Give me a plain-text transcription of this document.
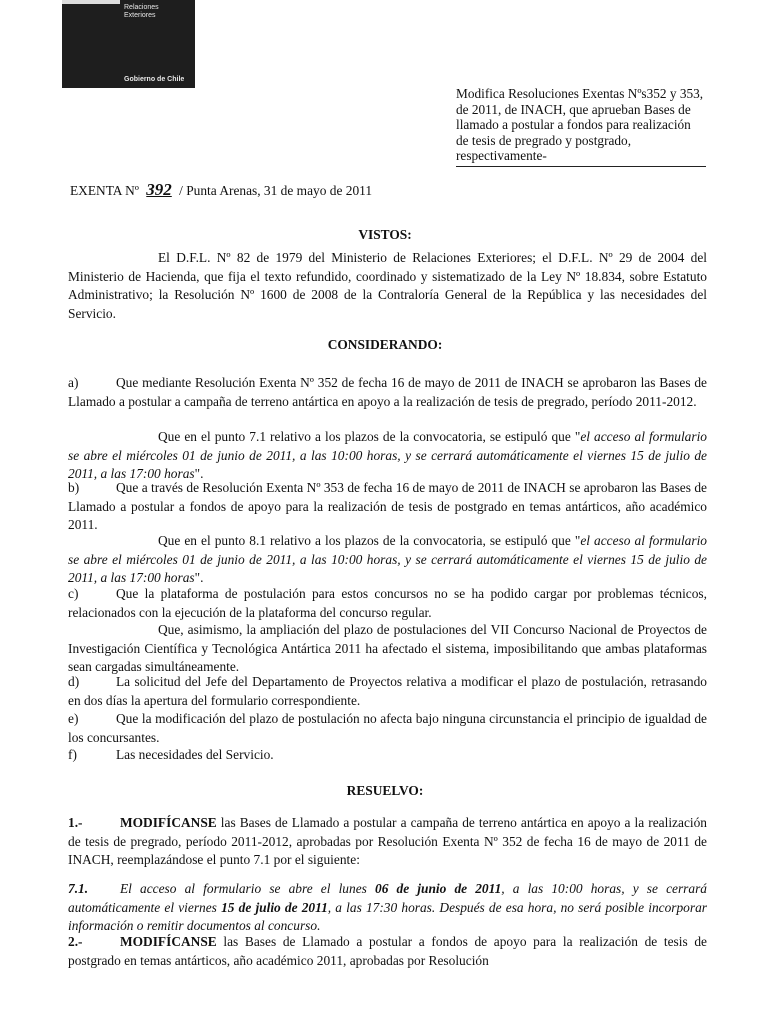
Relaciones
Exteriores
Gobierno de Chile
Modifica Resoluciones Exentas Nºs352 y 353, de 2011, de INACH, que aprueban Bases de llamado a postular a fondos para realización de tesis de pregrado y postgrado, respectivamente-
EXENTA Nº 392 / Punta Arenas, 31 de mayo de 2011
VISTOS:
El D.F.L. Nº 82 de 1979 del Ministerio de Relaciones Exteriores; el D.F.L. Nº 29 de 2004 del Ministerio de Hacienda, que fija el texto refundido, coordinado y sistematizado de la Ley Nº 18.834, sobre Estatuto Administrativo; la Resolución Nº 1600 de 2008 de la Contraloría General de la República y las necesidades del Servicio.
CONSIDERANDO:
a)	Que mediante Resolución Exenta Nº 352 de fecha 16 de mayo de 2011 de INACH se aprobaron las Bases de Llamado a postular a campaña de terreno antártica en apoyo a la realización de tesis de pregrado, período 2011-2012.
Que en el punto 7.1 relativo a los plazos de la convocatoria, se estipuló que "el acceso al formulario se abre el miércoles 01 de junio de 2011, a las 10:00 horas, y se cerrará automáticamente el viernes 15 de julio de 2011, a las 17:00 horas".
b)	Que a través de Resolución Exenta Nº 353 de fecha 16 de mayo de 2011 de INACH se aprobaron las Bases de Llamado a postular a fondos de apoyo para la realización de tesis de postgrado en temas antárticos, año académico 2011.
Que en el punto 8.1 relativo a los plazos de la convocatoria, se estipuló que "el acceso al formulario se abre el miércoles 01 de junio de 2011, a las 10:00 horas, y se cerrará automáticamente el viernes 15 de julio de 2011, a las 17:00 horas".
c)	Que la plataforma de postulación para estos concursos no se ha podido cargar por problemas técnicos, relacionados con la ejecución de la plataforma del concurso regular.
Que, asimismo, la ampliación del plazo de postulaciones del VII Concurso Nacional de Proyectos de Investigación Científica y Tecnológica Antártica 2011 ha afectado el sistema, imposibilitando que ambas plataformas sean cargadas simultáneamente.
d)	La solicitud del Jefe del Departamento de Proyectos relativa a modificar el plazo de postulación, retrasando en dos días la apertura del formulario correspondiente.
e)	Que la modificación del plazo de postulación no afecta bajo ninguna circunstancia el principio de igualdad de los concursantes.
f)	Las necesidades del Servicio.
RESUELVO:
1.-	MODIFÍCANSE las Bases de Llamado a postular a campaña de terreno antártica en apoyo a la realización de tesis de pregrado, período 2011-2012, aprobadas por Resolución Exenta Nº 352 de fecha 16 de mayo de 2011 de INACH, reemplazándose el punto 7.1 por el siguiente:
7.1. El acceso al formulario se abre el lunes 06 de junio de 2011, a las 10:00 horas, y se cerrará automáticamente el viernes 15 de julio de 2011, a las 17:30 horas. Después de esa hora, no será posible incorporar información o remitir documentos al concurso.
2.-	MODIFÍCANSE las Bases de Llamado a postular a fondos de apoyo para la realización de tesis de postgrado en temas antárticos, año académico 2011, aprobadas por Resolución
